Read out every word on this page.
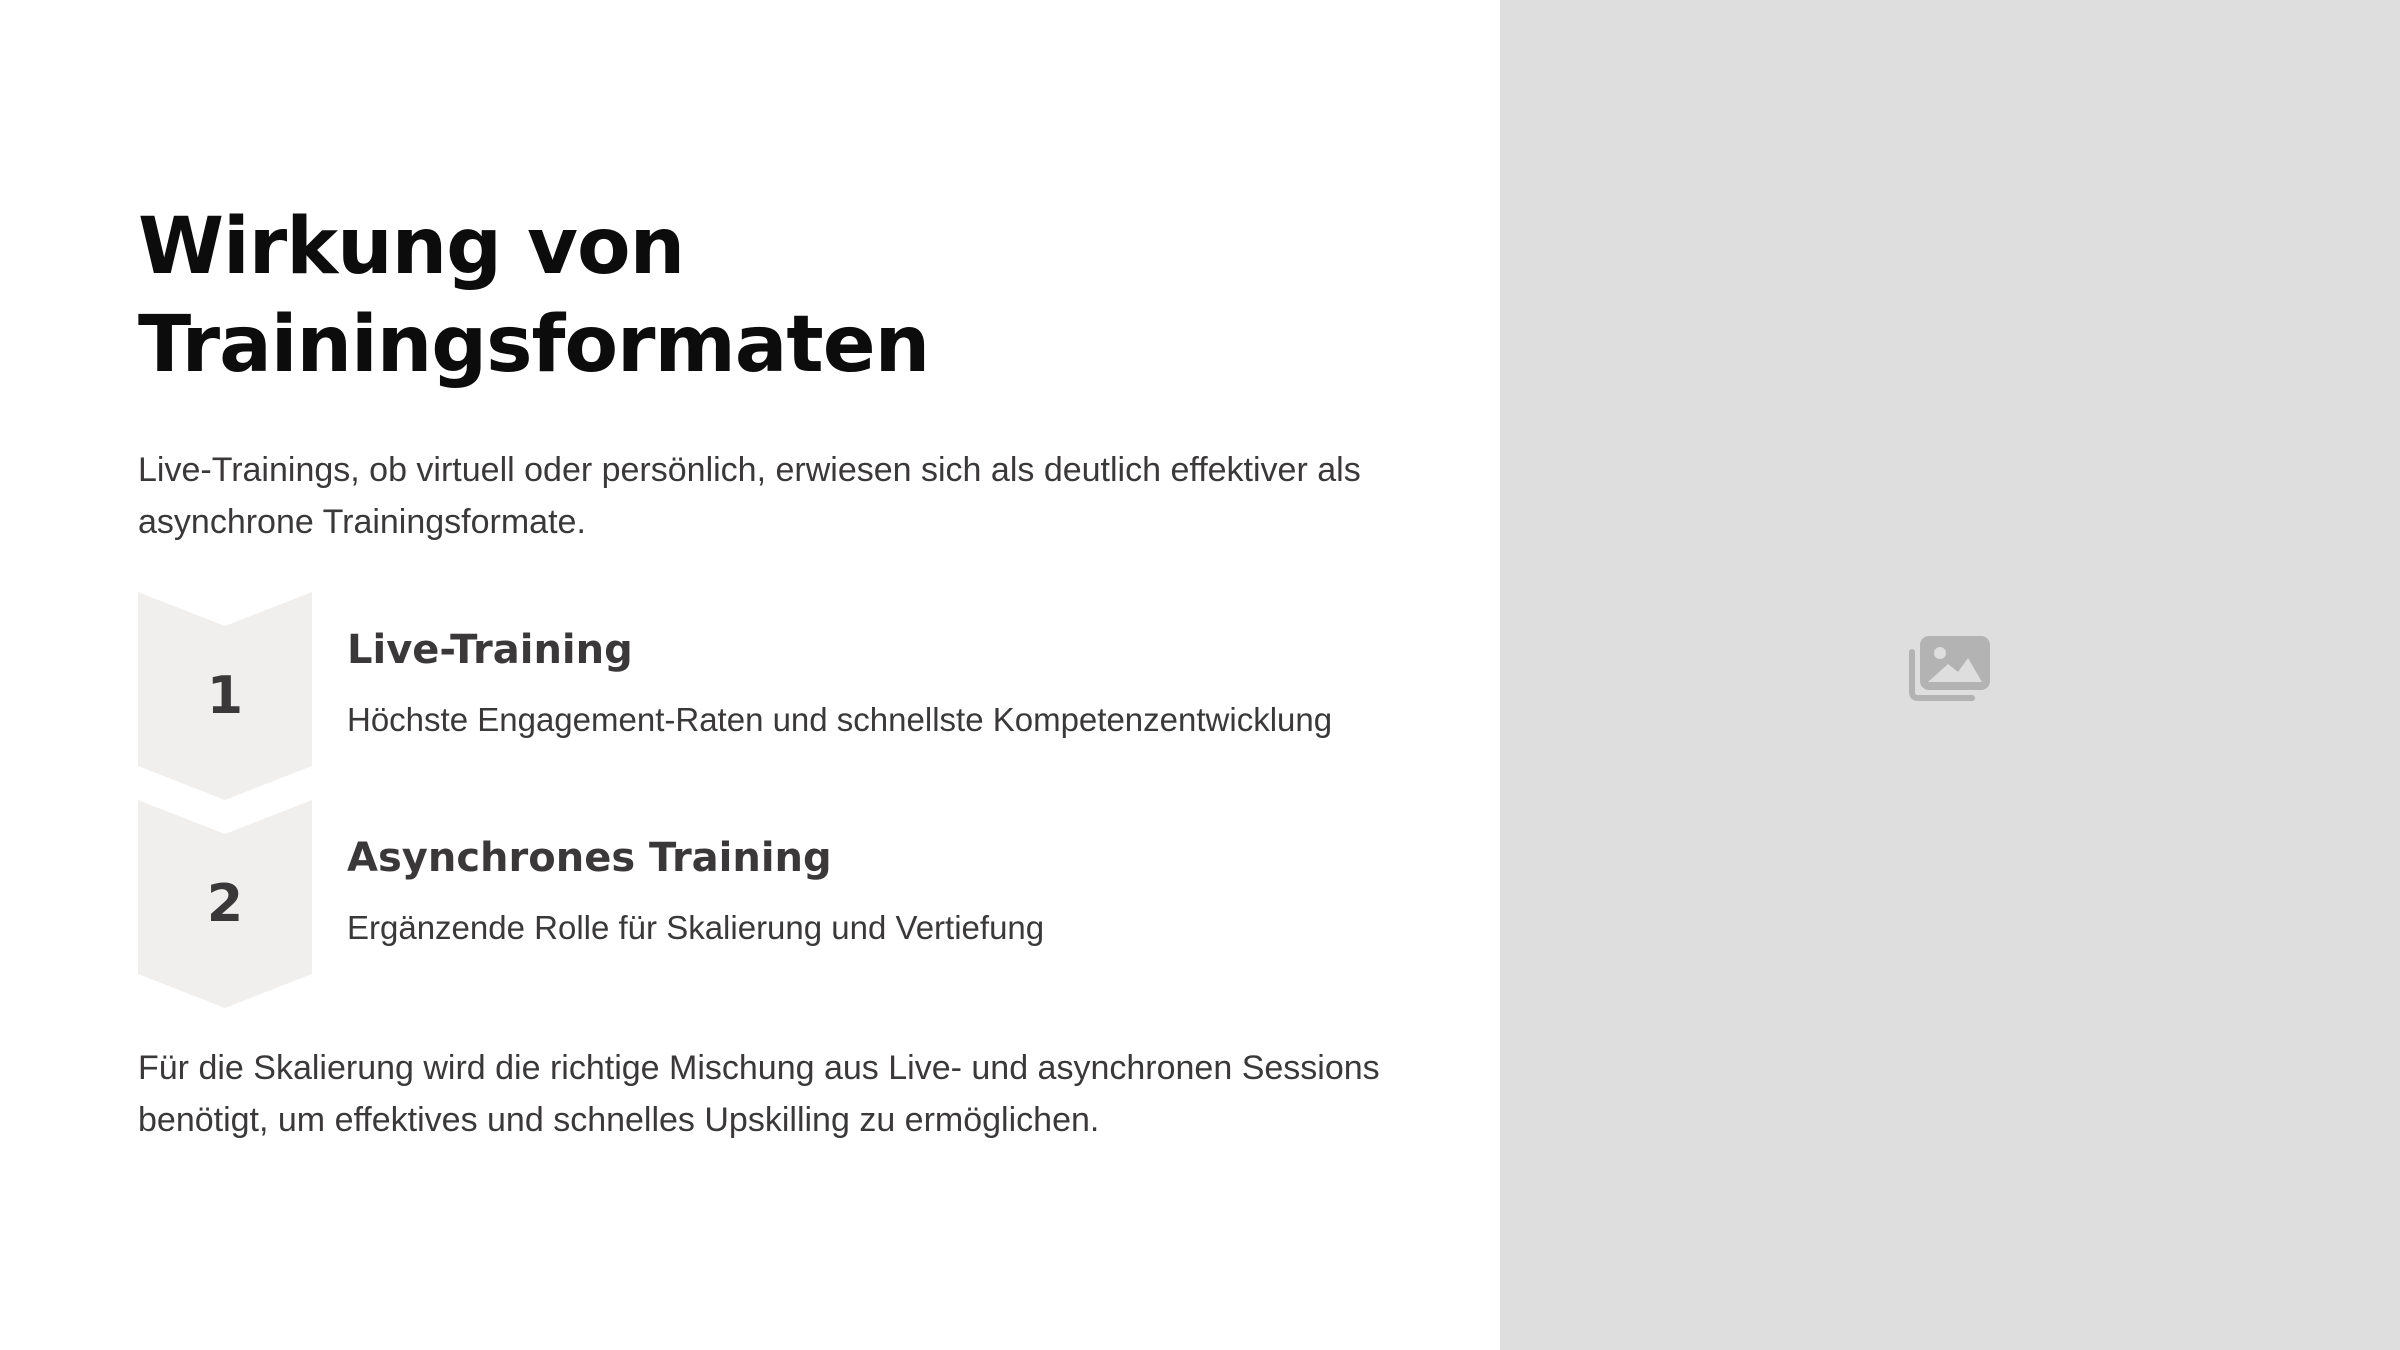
Wirkung von
Trainingsformaten

Live-Trainings, ob virtuell oder persönlich, erwiesen sich als deutlich effektiver als asynchrone Trainingsformate.

1
Live-Training

Höchste Engagement-Raten und schnellste Kompetenzentwicklung

2
Asynchrones Training

Ergänzende Rolle für Skalierung und Vertiefung

Für die Skalierung wird die richtige Mischung aus Live- und asynchronen Sessions benötigt, um effektives und schnelles Upskilling zu ermöglichen.
